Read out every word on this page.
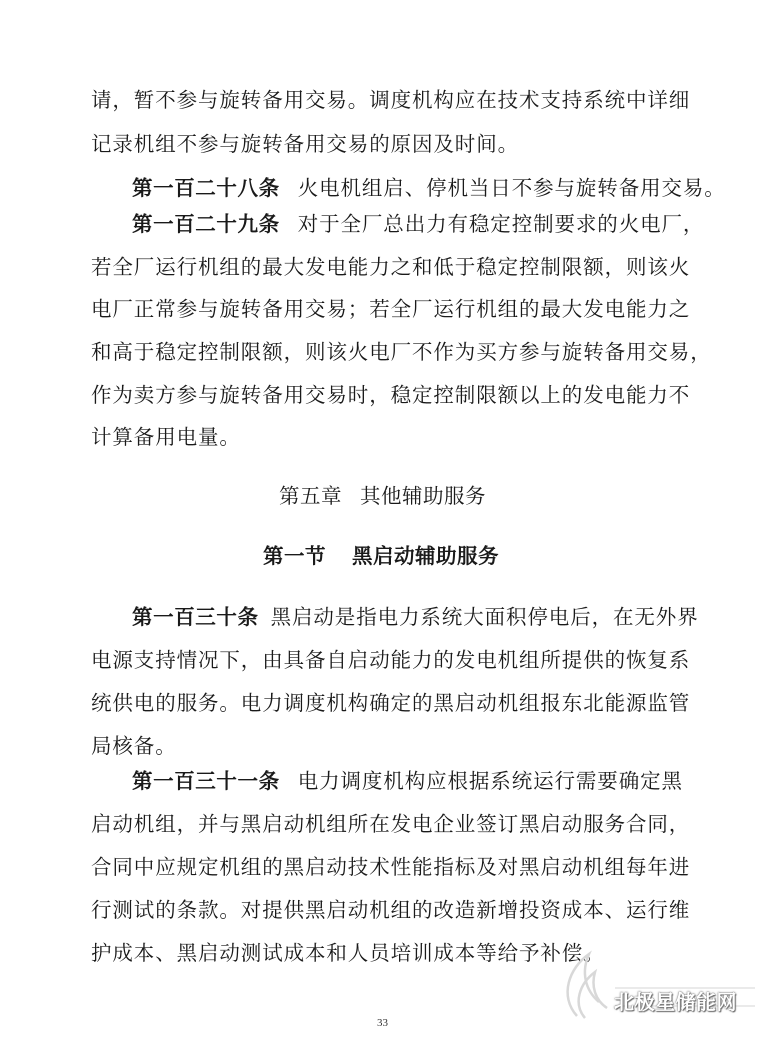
请，暂不参与旋转备用交易。调度机构应在技术支持系统中详细
记录机组不参与旋转备用交易的原因及时间。
第一百二十八条 火电机组启、停机当日不参与旋转备用交易。
第一百二十九条 对于全厂总出力有稳定控制要求的火电厂，
若全厂运行机组的最大发电能力之和低于稳定控制限额，则该火
电厂正常参与旋转备用交易；若全厂运行机组的最大发电能力之
和高于稳定控制限额，则该火电厂不作为买方参与旋转备用交易，
作为卖方参与旋转备用交易时，稳定控制限额以上的发电能力不
计算备用电量。
第五章 其他辅助服务
第一节 黑启动辅助服务
第一百三十条 黑启动是指电力系统大面积停电后，在无外界
电源支持情况下，由具备自启动能力的发电机组所提供的恢复系
统供电的服务。电力调度机构确定的黑启动机组报东北能源监管
局核备。
第一百三十一条 电力调度机构应根据系统运行需要确定黑
启动机组，并与黑启动机组所在发电企业签订黑启动服务合同，
合同中应规定机组的黑启动技术性能指标及对黑启动机组每年进
行测试的条款。对提供黑启动机组的改造新增投资成本、运行维
护成本、黑启动测试成本和人员培训成本等给予补偿。
北极星储能网
33
